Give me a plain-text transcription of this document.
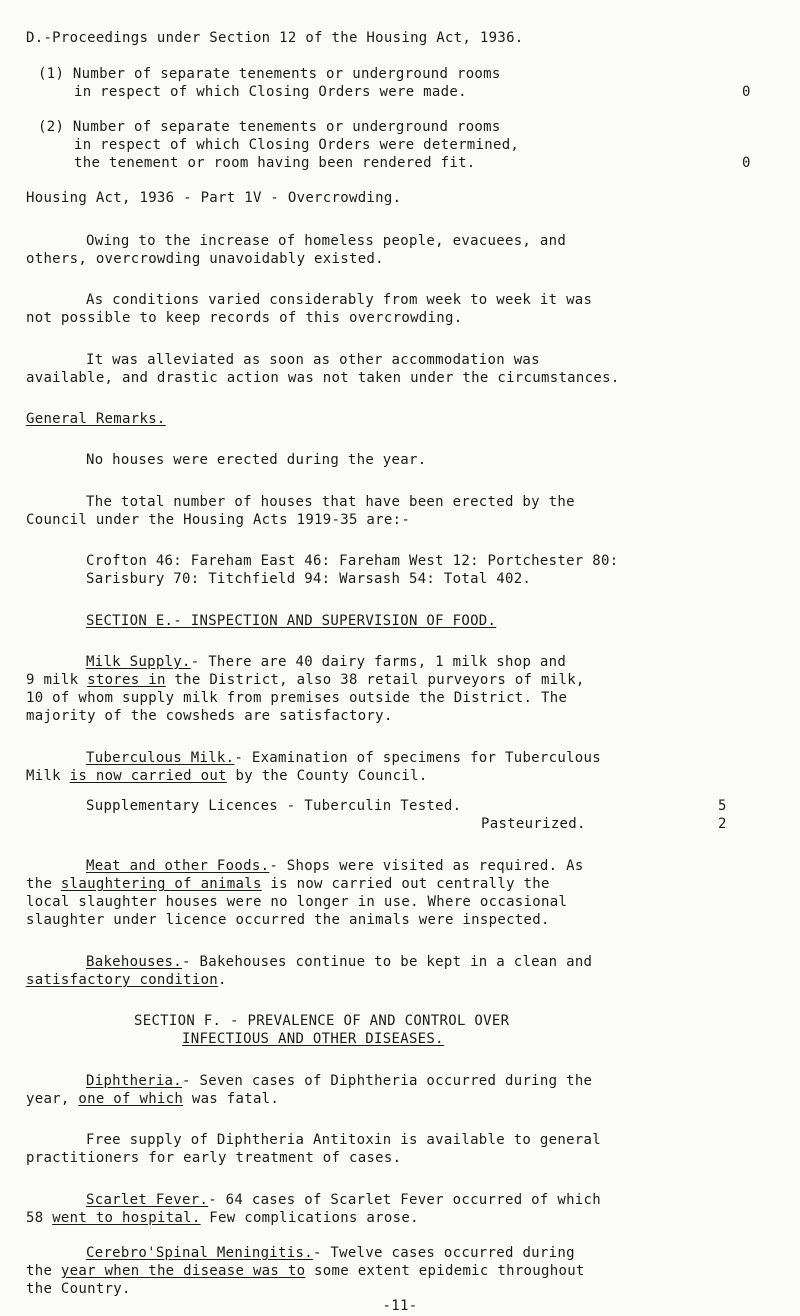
D.-Proceedings under Section 12 of the Housing Act, 1936.
(1) Number of separate tenements or underground rooms
in respect of which Closing Orders were made.	0
(2) Number of separate tenements or underground rooms
in respect of which Closing Orders were determined,
the tenement or room having been rendered fit.	0
Housing Act, 1936 - Part 1V - Overcrowding.
Owing to the increase of homeless people, evacuees, and
others, overcrowding unavoidably existed.
As conditions varied considerably from week to week it was
not possible to keep records of this overcrowding.
It was alleviated as soon as other accommodation was
available, and drastic action was not taken under the circumstances.
General Remarks.
No houses were erected during the year.
The total number of houses that have been erected by the
Council under the Housing Acts 1919-35 are:-
Crofton 46: Fareham East 46: Fareham West 12: Portchester 80:
Sarisbury 70: Titchfield 94: Warsash 54: Total 402.
SECTION E.- INSPECTION AND SUPERVISION OF FOOD.
Milk Supply.- There are 40 dairy farms, 1 milk shop and
9 milk stores in the District, also 38 retail purveyors of milk,
10 of whom supply milk from premises outside the District. The
majority of the cowsheds are satisfactory.
Tuberculous Milk.- Examination of specimens for Tuberculous
Milk is now carried out by the County Council.
Supplementary Licences - Tuberculin Tested.	5
Pasteurized.	2
Meat and other Foods.- Shops were visited as required. As
the slaughtering of animals is now carried out centrally the
local slaughter houses were no longer in use. Where occasional
slaughter under licence occurred the animals were inspected.
Bakehouses.- Bakehouses continue to be kept in a clean and
satisfactory condition.
SECTION F. - PREVALENCE OF AND CONTROL OVER
INFECTIOUS AND OTHER DISEASES.
Diphtheria.- Seven cases of Diphtheria occurred during the
year, one of which was fatal.
Free supply of Diphtheria Antitoxin is available to general
practitioners for early treatment of cases.
Scarlet Fever.- 64 cases of Scarlet Fever occurred of which
58 went to hospital. Few complications arose.
Cerebro'Spinal Meningitis.- Twelve cases occurred during
the year when the disease was to some extent epidemic throughout
the Country.
-11-
